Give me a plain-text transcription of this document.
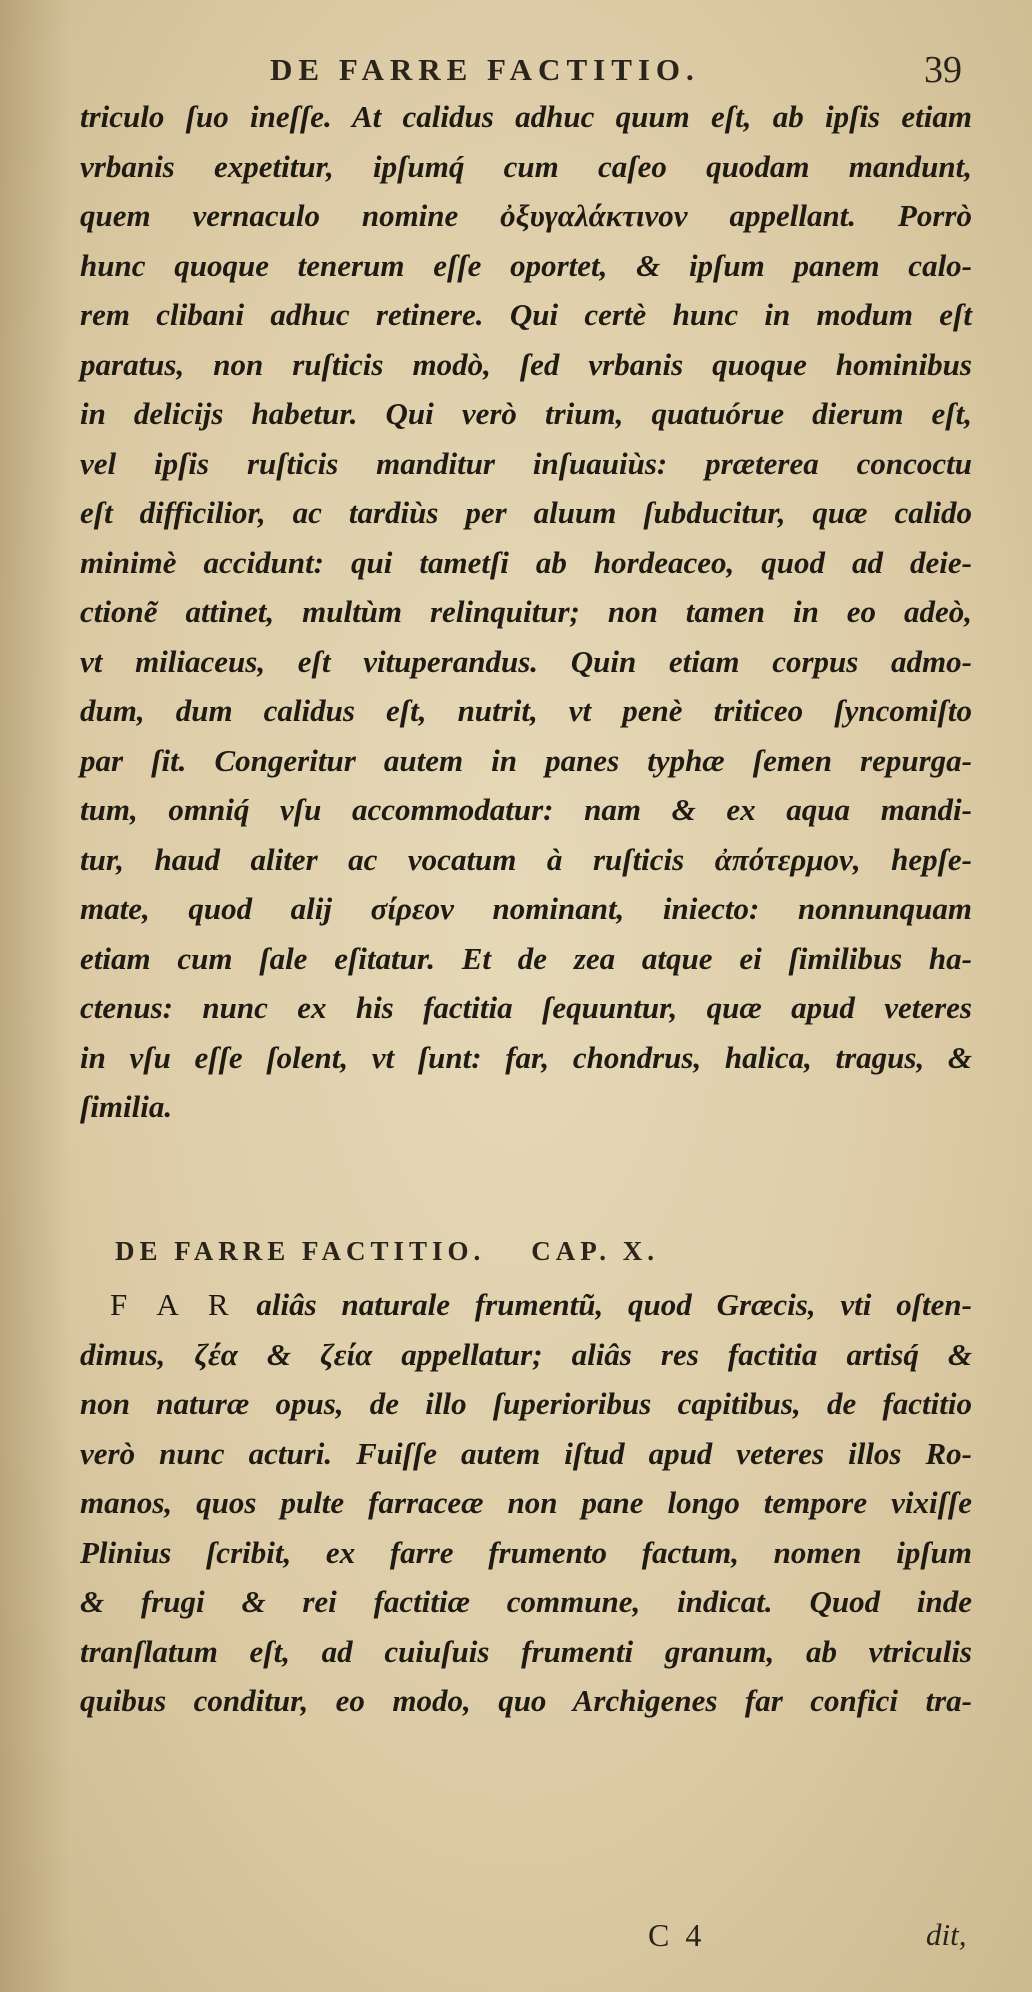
DE FARRE FACTITIO.	39
triculo ſuo ineſſe. At calidus adhuc quum eſt, ab ipſis etiam
vrbanis expetitur, ipſumq́ cum caſeo quodam mandunt,
quem vernaculo nomine ὀξυγαλάκτινον appellant. Porrò
hunc quoque tenerum eſſe oportet, & ipſum panem calo-
rem clibani adhuc retinere. Qui certè hunc in modum eſt
paratus, non ruſticis modò, ſed vrbanis quoque hominibus
in delicijs habetur. Qui verò trium, quatuórue dierum eſt,
vel ipſis ruſticis manditur inſuauiùs: præterea concoctu
eſt difficilior, ac tardiùs per aluum ſubducitur, quæ calido
minimè accidunt: qui tametſi ab hordeaceo, quod ad deie-
ctionẽ attinet, multùm relinquitur; non tamen in eo adeò,
vt miliaceus, eſt vituperandus. Quin etiam corpus admo-
dum, dum calidus eſt, nutrit, vt penè triticeo ſyncomiſto
par ſit. Congeritur autem in panes typhæ ſemen repurga-
tum, omniq́ vſu accommodatur: nam & ex aqua mandi-
tur, haud aliter ac vocatum à ruſticis ἀπότερμον, hepſe-
mate, quod alij σίρεον nominant, iniecto: nonnunquam
etiam cum ſale eſitatur. Et de zea atque ei ſimilibus ha-
ctenus: nunc ex his factitia ſequuntur, quæ apud veteres
in vſu eſſe ſolent, vt ſunt: far, chondrus, halica, tragus, &
ſimilia.
DE FARRE FACTITIO. CAP. X.
F A R aliâs naturale frumentũ, quod Græcis, vti oſten-
dimus, ζέα & ζεία appellatur; aliâs res factitia artisq́ &
non naturæ opus, de illo ſuperioribus capitibus, de factitio
verò nunc acturi. Fuiſſe autem iſtud apud veteres illos Ro-
manos, quos pulte farraceæ non pane longo tempore vixiſſe
Plinius ſcribit, ex farre frumento factum, nomen ipſum
& frugi & rei factitiæ commune, indicat. Quod inde
tranſlatum eſt, ad cuiuſuis frumenti granum, ab vtriculis
quibus conditur, eo modo, quo Archigenes far confici tra-
C 4	dit,
